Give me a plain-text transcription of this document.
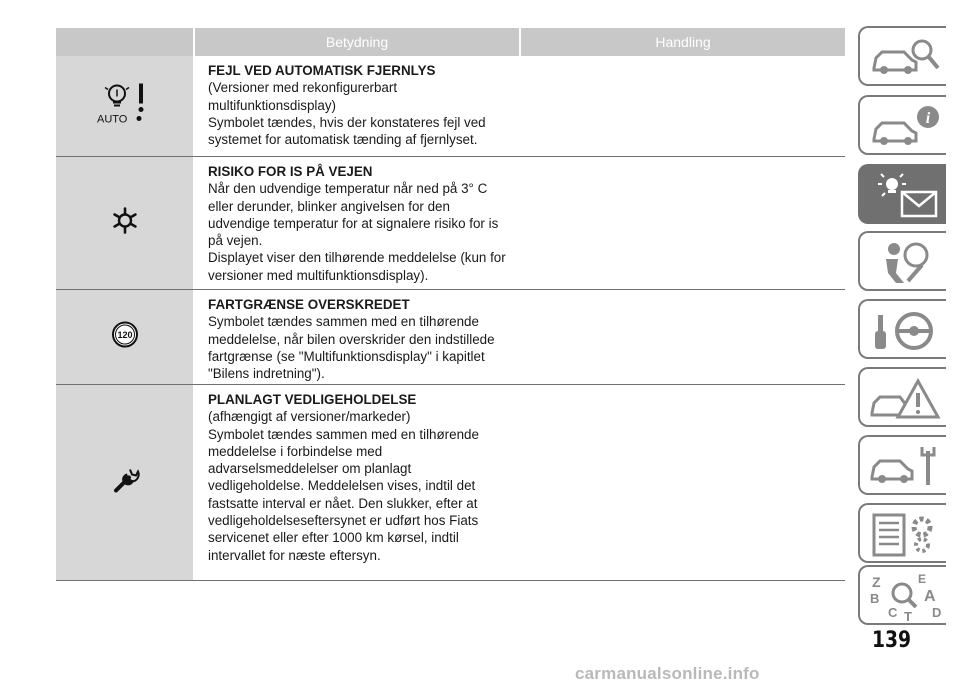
Betydning	Handling
AUTO
FEJL VED AUTOMATISK FJERNLYS
(Versioner med rekonfigurerbart
multifunktionsdisplay)
Symbolet tændes, hvis der konstateres fejl ved
systemet for automatisk tænding af fjernlyset.
RISIKO FOR IS PÅ VEJEN
Når den udvendige temperatur når ned på 3° C
eller derunder, blinker angivelsen for den
udvendige temperatur for at signalere risiko for is
på vejen.
Displayet viser den tilhørende meddelelse (kun for
versioner med multifunktionsdisplay).
120
FARTGRÆNSE OVERSKREDET
Symbolet tændes sammen med en tilhørende
meddelelse, når bilen overskrider den indstillede
fartgrænse (se "Multifunktionsdisplay" i kapitlet
"Bilens indretning").
PLANLAGT VEDLIGEHOLDELSE
(afhængigt af versioner/markeder)
Symbolet tændes sammen med en tilhørende
meddelelse i forbindelse med
advarselsmeddelelser om planlagt
vedligeholdelse. Meddelelsen vises, indtil det
fastsatte interval er nået. Den slukker, efter at
vedligeholdelseseftersynet er udført hos Fiats
servicenet eller efter 1000 km kørsel, indtil
intervallet for næste eftersyn.
i
Z	E
A
B
C	D
T
139
carmanualsonline.info
